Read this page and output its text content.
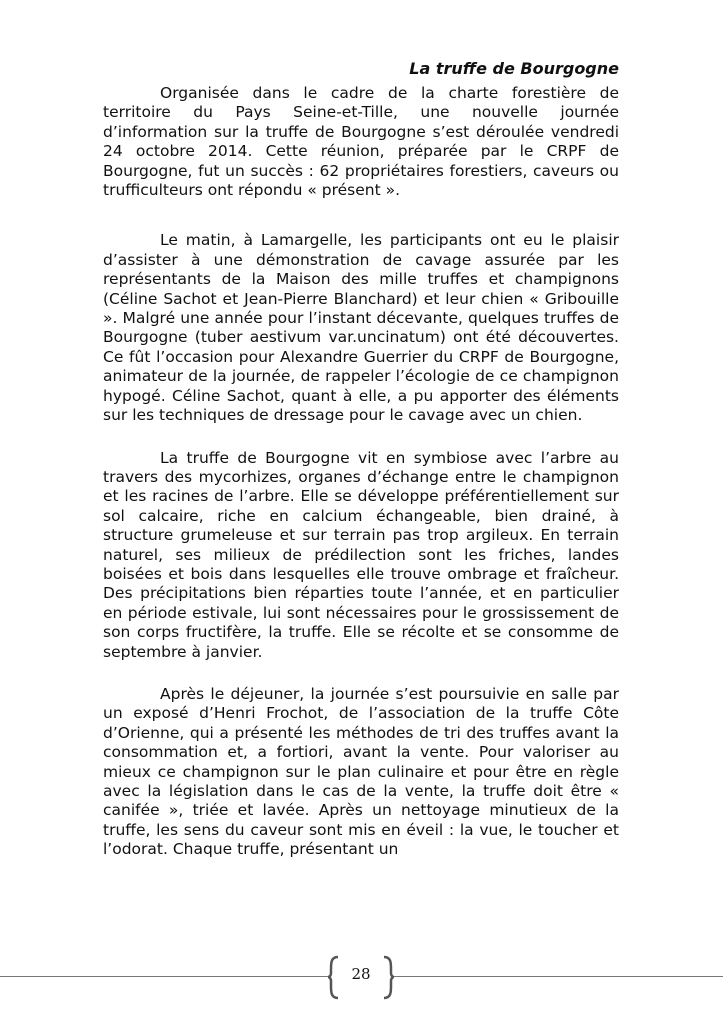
La truffe de Bourgogne

Organisée dans le cadre de la charte forestière de territoire du Pays Seine-et-Tille, une nouvelle journée d’information sur la truffe de Bourgogne s’est déroulée vendredi 24 octobre 2014. Cette réunion, préparée par le CRPF de Bourgogne, fut un succès : 62 propriétaires forestiers, caveurs ou trufficulteurs ont répondu « présent ».

Le matin, à Lamargelle, les participants ont eu le plaisir d’assister à une démonstration de cavage assurée par les représentants de la Maison des mille truffes et champignons (Céline Sachot et Jean-Pierre Blanchard) et leur chien « Gribouille ». Malgré une année pour l’instant décevante, quelques truffes de Bourgogne (tuber aestivum var.uncinatum) ont été découvertes. Ce fût l’occasion pour Alexandre Guerrier du CRPF de Bourgogne, animateur de la journée, de rappeler l’écologie de ce champignon hypogé. Céline Sachot, quant à elle, a pu apporter des éléments sur les techniques de dressage pour le cavage avec un chien.

La truffe de Bourgogne vit en symbiose avec l’arbre au travers des mycorhizes, organes d’échange entre le champignon et les racines de l’arbre. Elle se développe préférentiellement sur sol calcaire, riche en calcium échangeable, bien drainé, à structure grumeleuse et sur terrain pas trop argileux. En terrain naturel, ses milieux de prédilection sont les friches, landes boisées et bois dans lesquelles elle trouve ombrage et fraîcheur. Des précipitations bien réparties toute l’année, et en particulier en période estivale, lui sont nécessaires pour le grossissement de son corps fructifère, la truffe. Elle se récolte et se consomme de septembre à janvier.

Après le déjeuner, la journée s’est poursuivie en salle par un exposé d’Henri Frochot, de l’association de la truffe Côte d’Orienne, qui a présenté les méthodes de tri des truffes avant la consommation et, a fortiori, avant la vente. Pour valoriser au mieux ce champignon sur le plan culinaire et pour être en règle avec la législation dans le cas de la vente, la truffe doit être « canifée », triée et lavée. Après un nettoyage minutieux de la truffe, les sens du caveur sont mis en éveil : la vue, le toucher et l’odorat. Chaque truffe, présentant un

28
